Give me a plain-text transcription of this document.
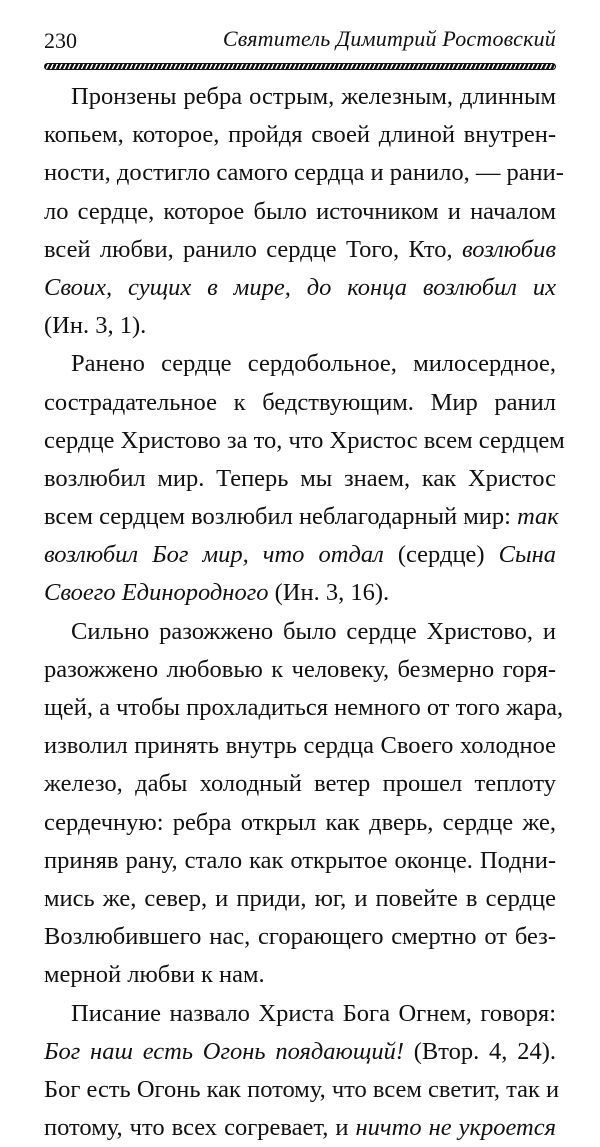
230	Святитель Димитрий Ростовский
Пронзены ребра острым, железным, длинным
копьем, которое, пройдя своей длиной внутрен-
ности, достигло самого сердца и ранило, — рани-
ло сердце, которое было источником и началом
всей любви, ранило сердце Того, Кто, возлюбив
Своих, сущих в мире, до конца возлюбил их
(Ин. 3, 1).
Ранено сердце сердобольное, милосердное,
сострадательное к бедствующим. Мир ранил
сердце Христово за то, что Христос всем сердцем
возлюбил мир. Теперь мы знаем, как Христос
всем сердцем возлюбил неблагодарный мир: так
возлюбил Бог мир, что отдал (сердце) Сына
Своего Единородного (Ин. 3, 16).
Сильно разожжено было сердце Христово, и
разожжено любовью к человеку, безмерно горя-
щей, а чтобы прохладиться немного от того жара,
изволил принять внутрь сердца Своего холодное
железо, дабы холодный ветер прошел теплоту
сердечную: ребра открыл как дверь, сердце же,
приняв рану, стало как открытое оконце. Подни-
мись же, север, и приди, юг, и повейте в сердце
Возлюбившего нас, сгорающего смертно от без-
мерной любви к нам.
Писание назвало Христа Бога Огнем, говоря:
Бог наш есть Огонь поядающий! (Втор. 4, 24).
Бог есть Огонь как потому, что всем светит, так и
потому, что всех согревает, и ничто не укроется
